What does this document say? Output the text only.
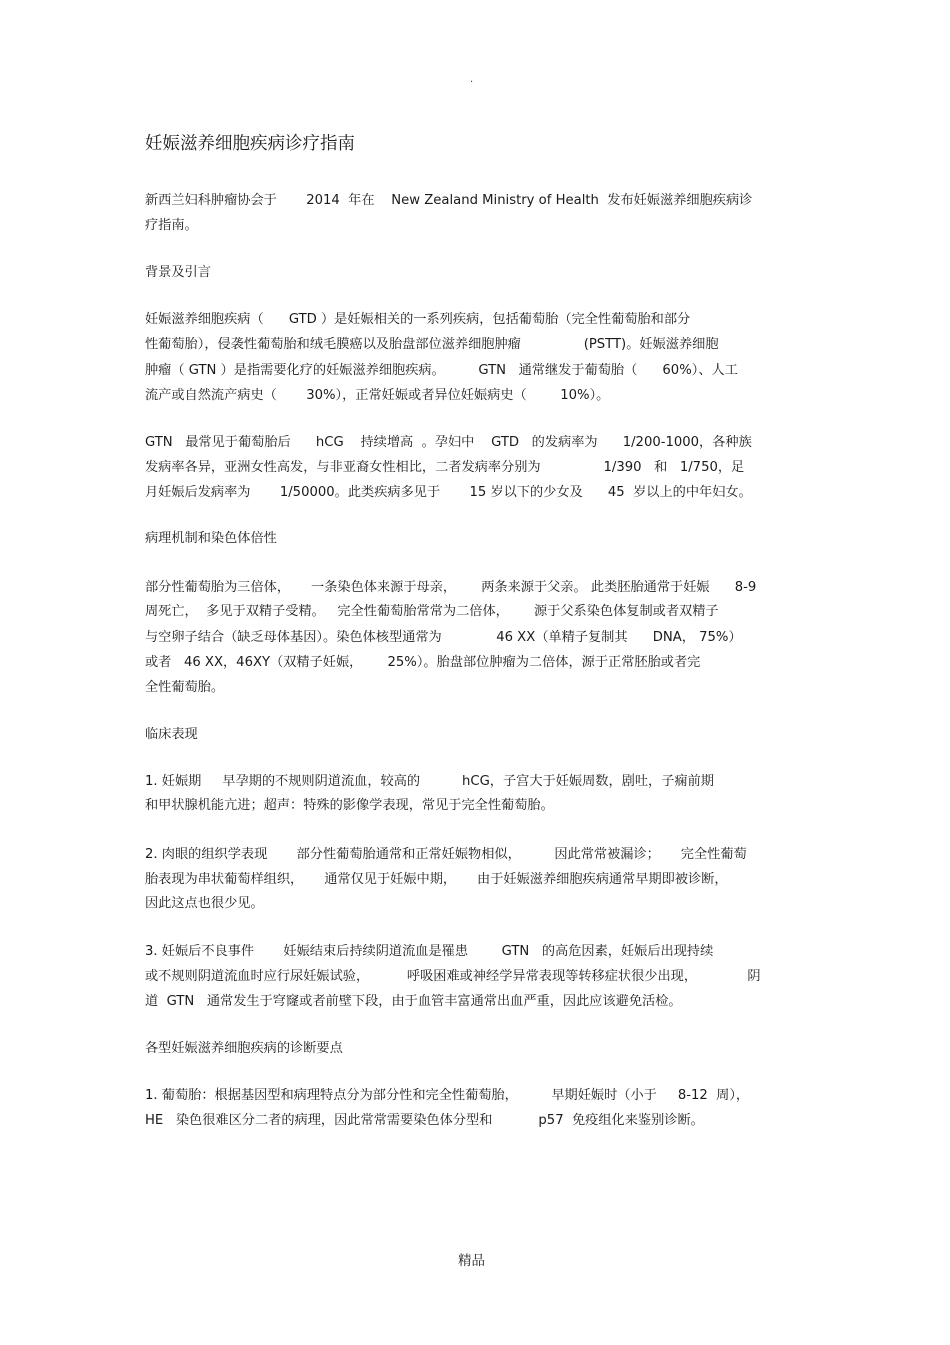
.
妊娠滋养细胞疾病诊疗指南

新西兰妇科肿瘤协会于       2014  年在    New Zealand Ministry of Health  发布妊娠滋养细胞疾病诊

疗指南。

背景及引言

妊娠滋养细胞疾病（      GTD ）是妊娠相关的一系列疾病，包括葡萄胎（完全性葡萄胎和部分

性葡萄胎），侵袭性葡萄胎和绒毛膜癌以及胎盘部位滋养细胞肿瘤               (PSTT)。妊娠滋养细胞

肿瘤（ GTN ）是指需要化疗的妊娠滋养细胞疾病。        GTN   通常继发于葡萄胎（      60%）、人工

流产或自然流产病史（       30%），正常妊娠或者异位妊娠病史（        10%）。

GTN   最常见于葡萄胎后      hCG    持续增高  。孕妇中    GTD   的发病率为      1/200-1000，各种族

发病率各异，亚洲女性高发，与非亚裔女性相比，二者发病率分别为               1/390   和   1/750，足

月妊娠后发病率为       1/50000。此类疾病多见于       15 岁以下的少女及      45  岁以上的中年妇女。

病理机制和染色体倍性

部分性葡萄胎为三倍体，     一条染色体来源于母亲，      两条来源于父亲。 此类胚胎通常于妊娠      8-9

周死亡，  多见于双精子受精。   完全性葡萄胎常常为二倍体，      源于父系染色体复制或者双精子

与空卵子结合（缺乏母体基因）。染色体核型通常为             46 XX（单精子复制其      DNA， 75%）

或者   46 XX，46XY（双精子妊娠，      25%）。胎盘部位肿瘤为二倍体，源于正常胚胎或者完

全性葡萄胎。

临床表现

1. 妊娠期     早孕期的不规则阴道流血，较高的          hCG，子宫大于妊娠周数，剧吐，子痫前期

和甲状腺机能亢进；超声：特殊的影像学表现，常见于完全性葡萄胎。

2. 肉眼的组织学表现       部分性葡萄胎通常和正常妊娠物相似，        因此常常被漏诊；     完全性葡萄

胎表现为串状葡萄样组织，     通常仅见于妊娠中期，     由于妊娠滋养细胞疾病通常早期即被诊断，

因此这点也很少见。

3. 妊娠后不良事件       妊娠结束后持续阴道流血是罹患        GTN   的高危因素，妊娠后出现持续

或不规则阴道流血时应行尿妊娠试验，         呼吸困难或神经学异常表现等转移症状很少出现，            阴

道  GTN   通常发生于穹窿或者前壁下段，由于血管丰富通常出血严重，因此应该避免活检。

各型妊娠滋养细胞疾病的诊断要点

1. 葡萄胎：根据基因型和病理特点分为部分性和完全性葡萄胎，        早期妊娠时（小于     8-12  周），

HE   染色很难区分二者的病理，因此常常需要染色体分型和           p57  免疫组化来鉴别诊断。

精品
